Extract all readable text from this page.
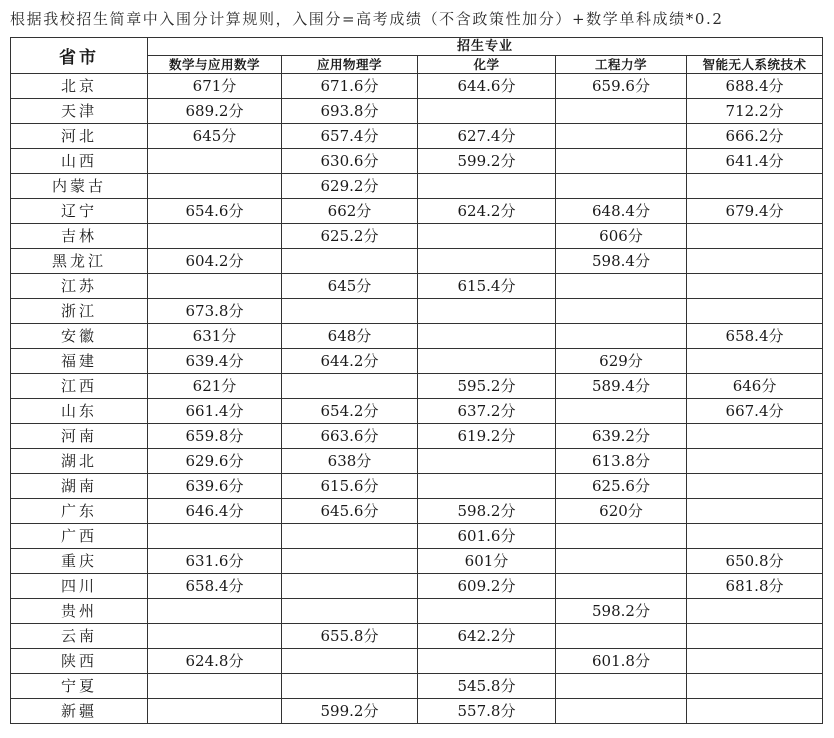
根据我校招生简章中入围分计算规则，入围分=高考成绩（不含政策性加分）+数学单科成绩*0.2
省市	招生专业				
	数学与应用数学	应用物理学	化学	工程力学	智能无人系统技术
北京	671分	671.6分	644.6分	659.6分	688.4分
天津	689.2分	693.8分			712.2分
河北	645分	657.4分	627.4分		666.2分
山西		630.6分	599.2分		641.4分
内蒙古		629.2分			
辽宁	654.6分	662分	624.2分	648.4分	679.4分
吉林		625.2分		606分	
黑龙江	604.2分			598.4分	
江苏		645分	615.4分		
浙江	673.8分				
安徽	631分	648分			658.4分
福建	639.4分	644.2分		629分	
江西	621分		595.2分	589.4分	646分
山东	661.4分	654.2分	637.2分		667.4分
河南	659.8分	663.6分	619.2分	639.2分	
湖北	629.6分	638分		613.8分	
湖南	639.6分	615.6分		625.6分	
广东	646.4分	645.6分	598.2分	620分	
广西			601.6分		
重庆	631.6分		601分		650.8分
四川	658.4分		609.2分		681.8分
贵州				598.2分	
云南		655.8分	642.2分		
陕西	624.8分			601.8分	
宁夏			545.8分		
新疆		599.2分	557.8分		
